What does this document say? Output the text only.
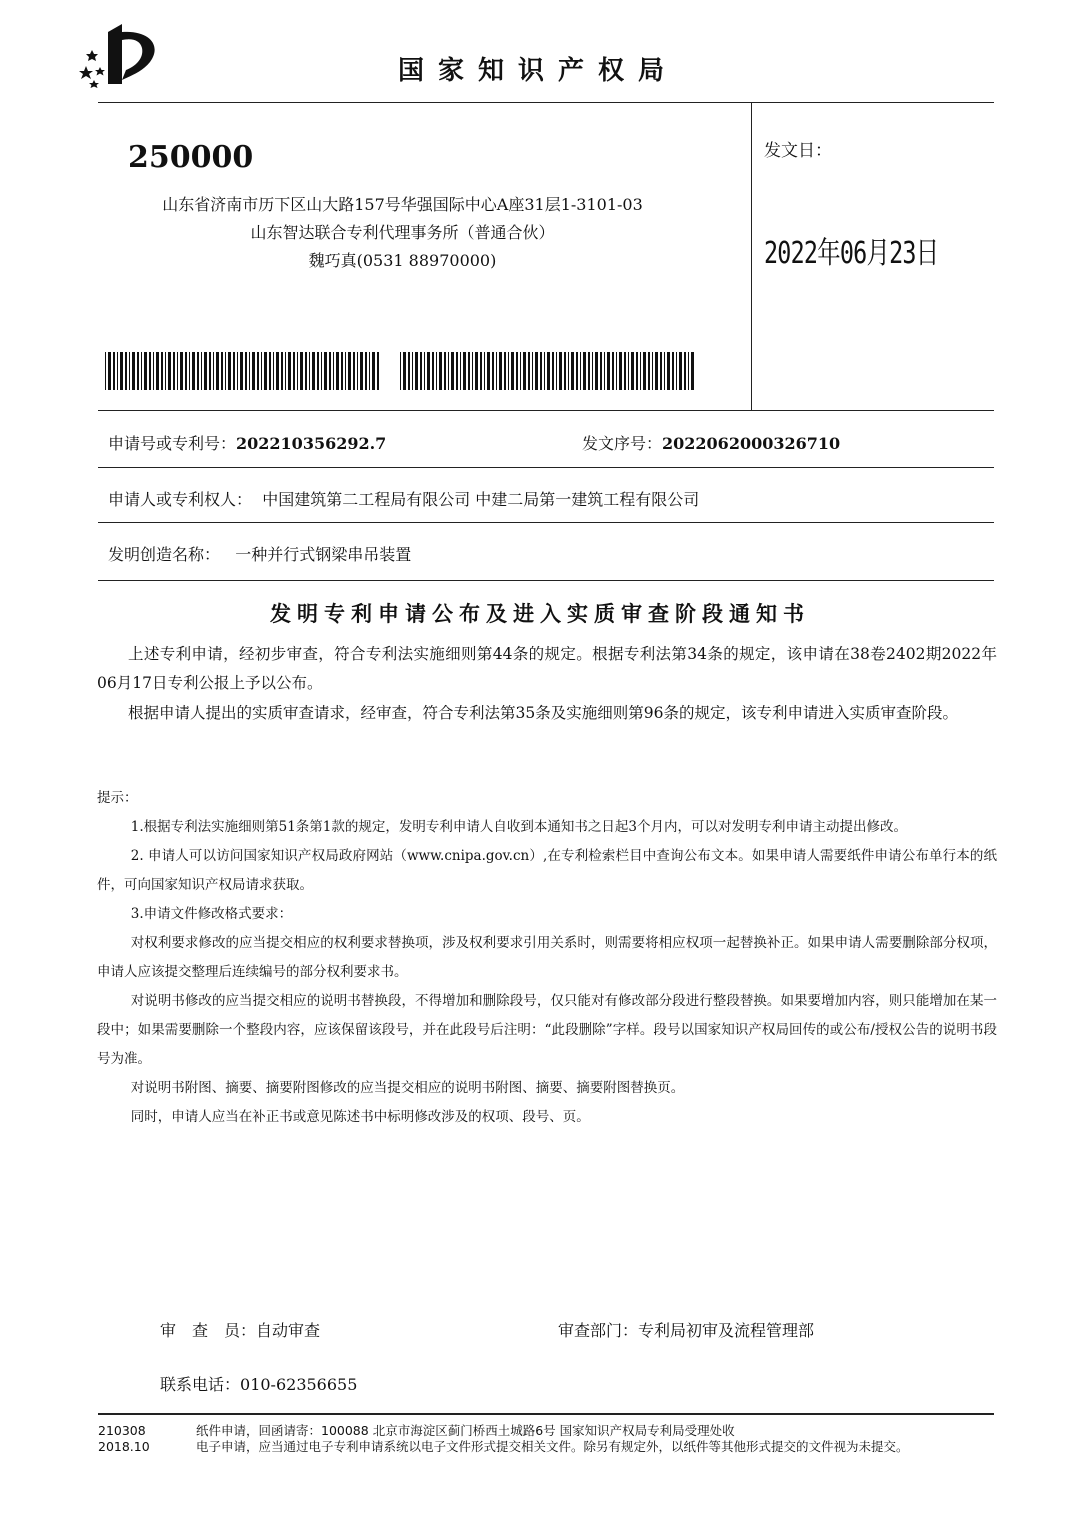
国家知识产权局
250000
山东省济南市历下区山大路157号华强国际中心A座31层1-3101-03
山东智达联合专利代理事务所（普通合伙）
魏巧真(0531 88970000)
发文日：
2022年06月23日
申请号或专利号：202210356292.7	发文序号：2022062000326710
申请人或专利权人： 中国建筑第二工程局有限公司 中建二局第一建筑工程有限公司
发明创造名称： 一种并行式钢梁串吊装置
发明专利申请公布及进入实质审查阶段通知书

上述专利申请，经初步审查，符合专利法实施细则第44条的规定。根据专利法第34条的规定，该申请在38卷2402期2022年06月17日专利公报上予以公布。

根据申请人提出的实质审查请求，经审查，符合专利法第35条及实施细则第96条的规定，该专利申请进入实质审查阶段。

提示：

1.根据专利法实施细则第51条第1款的规定，发明专利申请人自收到本通知书之日起3个月内，可以对发明专利申请主动提出修改。

2. 申请人可以访问国家知识产权局政府网站（www.cnipa.gov.cn）,在专利检索栏目中查询公布文本。如果申请人需要纸件申请公布单行本的纸件，可向国家知识产权局请求获取。

3.申请文件修改格式要求：

对权利要求修改的应当提交相应的权利要求替换项，涉及权利要求引用关系时，则需要将相应权项一起替换补正。如果申请人需要删除部分权项，申请人应该提交整理后连续编号的部分权利要求书。

对说明书修改的应当提交相应的说明书替换段，不得增加和删除段号，仅只能对有修改部分段进行整段替换。如果要增加内容，则只能增加在某一段中；如果需要删除一个整段内容，应该保留该段号，并在此段号后注明：“此段删除”字样。段号以国家知识产权局回传的或公布/授权公告的说明书段号为准。

对说明书附图、摘要、摘要附图修改的应当提交相应的说明书附图、摘要、摘要附图替换页。

同时，申请人应当在补正书或意见陈述书中标明修改涉及的权项、段号、页。

审　查　员：自动审查	审查部门：专利局初审及流程管理部
联系电话：010-62356655
210308
2018.10

纸件申请，回函请寄：100088 北京市海淀区蓟门桥西土城路6号 国家知识产权局专利局受理处收

电子申请，应当通过电子专利申请系统以电子文件形式提交相关文件。除另有规定外，以纸件等其他形式提交的文件视为未提交。
